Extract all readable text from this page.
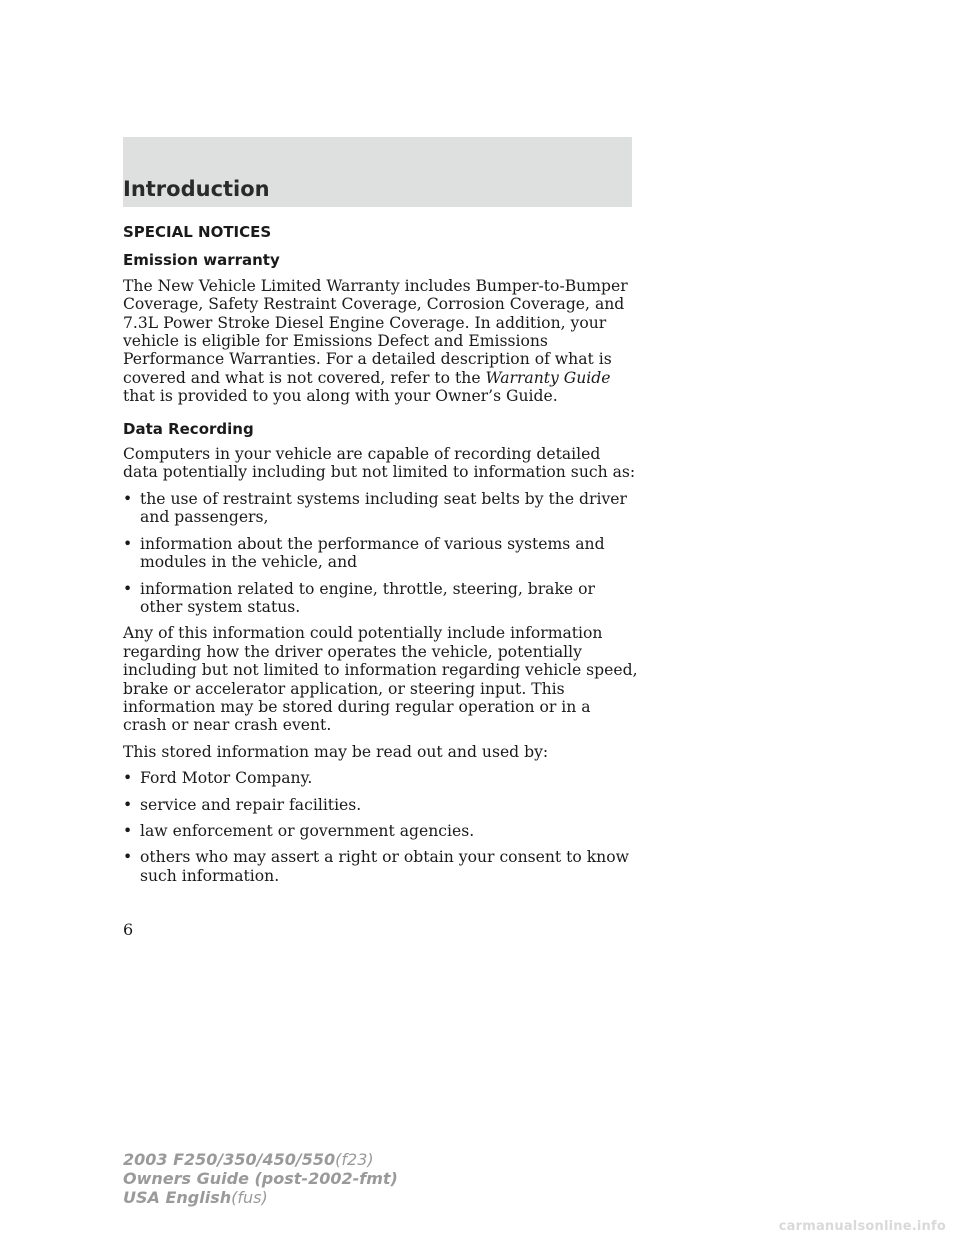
Introduction
SPECIAL NOTICES
Emission warranty

The New Vehicle Limited Warranty includes Bumper-to-Bumper Coverage, Safety Restraint Coverage, Corrosion Coverage, and 7.3L Power Stroke Diesel Engine Coverage. In addition, your vehicle is eligible for Emissions Defect and Emissions Performance Warranties. For a detailed description of what is covered and what is not covered, refer to the Warranty Guide that is provided to you along with your Owner’s Guide.

Data Recording

Computers in your vehicle are capable of recording detailed data potentially including but not limited to information such as:

• the use of restraint systems including seat belts by the driver and passengers,
• information about the performance of various systems and modules in the vehicle, and
• information related to engine, throttle, steering, brake or other system status.

Any of this information could potentially include information regarding how the driver operates the vehicle, potentially including but not limited to information regarding vehicle speed, brake or accelerator application, or steering input. This information may be stored during regular operation or in a crash or near crash event.

This stored information may be read out and used by:

• Ford Motor Company.
• service and repair facilities.
• law enforcement or government agencies.
• others who may assert a right or obtain your consent to know such information.
6
2003 F250/350/450/550(f23)
Owners Guide (post-2002-fmt)
USA English(fus)
carmanualsonline.info
